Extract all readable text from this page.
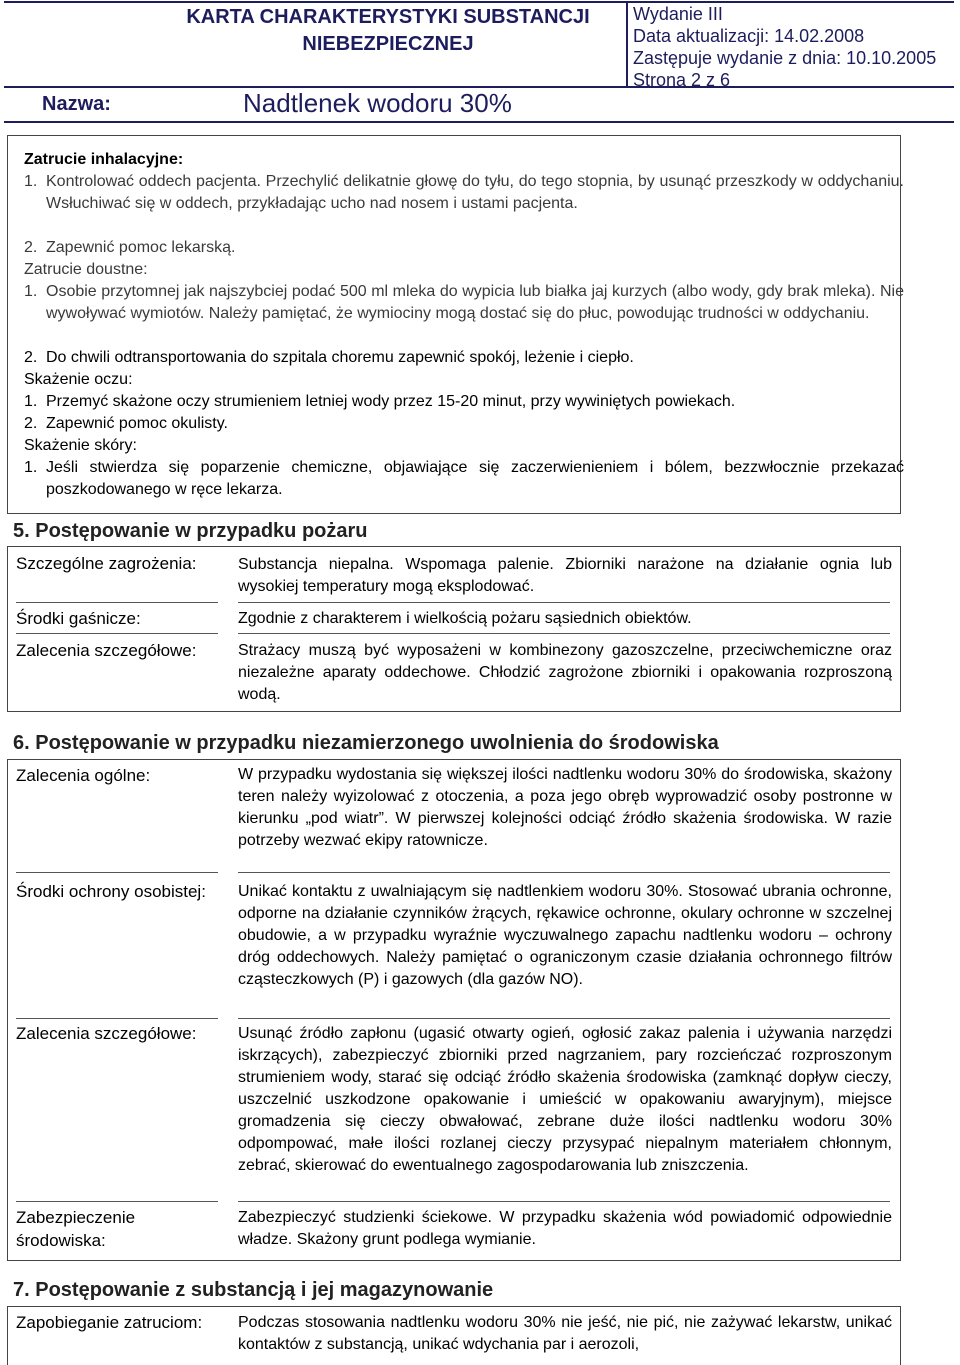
KARTA CHARAKTERYSTYKI SUBSTANCJI NIEBEZPIECZNEJ
Wydanie III
Data aktualizacji: 14.02.2008
Zastępuje wydanie z dnia: 10.10.2005
Strona 2 z 6
Nazwa:	Nadtlenek wodoru 30%
Zatrucie inhalacyjne:
1. Kontrolować oddech pacjenta. Przechylić delikatnie głowę do tyłu, do tego stopnia, by usunąć przeszkody w oddychaniu. Wsłuchiwać się w oddech, przykładając ucho nad nosem i ustami pacjenta.
2. Zapewnić pomoc lekarską.
Zatrucie doustne:
1. Osobie przytomnej jak najszybciej podać 500 ml mleka do wypicia lub białka jaj kurzych (albo wody, gdy brak mleka). Nie wywoływać wymiotów. Należy pamiętać, że wymiociny mogą dostać się do płuc, powodując trudności w oddychaniu.
2. Do chwili odtransportowania do szpitala choremu zapewnić spokój, leżenie i ciepło.
Skażenie oczu:
1. Przemyć skażone oczy strumieniem letniej wody przez 15-20 minut, przy wywiniętych powiekach.
2. Zapewnić pomoc okulisty.
Skażenie skóry:
1. Jeśli stwierdza się poparzenie chemiczne, objawiające się zaczerwienieniem i bólem, bezzwłocznie przekazać poszkodowanego w ręce lekarza.
5. Postępowanie w przypadku pożaru
Szczególne zagrożenia:	Substancja niepalna. Wspomaga palenie. Zbiorniki narażone na działanie ognia lub wysokiej temperatury mogą eksplodować.
Środki gaśnicze:	Zgodnie z charakterem i wielkością pożaru sąsiednich obiektów.
Zalecenia szczegółowe:	Strażacy muszą być wyposażeni w kombinezony gazoszczelne, przeciwchemiczne oraz niezależne aparaty oddechowe. Chłodzić zagrożone zbiorniki i opakowania rozproszoną wodą.
6. Postępowanie w przypadku niezamierzonego uwolnienia do środowiska
Zalecenia ogólne:	W przypadku wydostania się większej ilości nadtlenku wodoru 30% do środowiska, skażony teren należy wyizolować z otoczenia, a poza jego obręb wyprowadzić osoby postronne w kierunku „pod wiatr”. W pierwszej kolejności odciąć źródło skażenia środowiska. W razie potrzeby wezwać ekipy ratownicze.
Środki ochrony osobistej:	Unikać kontaktu z uwalniającym się nadtlenkiem wodoru 30%. Stosować ubrania ochronne, odporne na działanie czynników żrących, rękawice ochronne, okulary ochronne w szczelnej obudowie, a w przypadku wyraźnie wyczuwalnego zapachu nadtlenku wodoru – ochrony dróg oddechowych. Należy pamiętać o ograniczonym czasie działania ochronnego filtrów cząsteczkowych (P) i gazowych (dla gazów NO).
Zalecenia szczegółowe:	Usunąć źródło zapłonu (ugasić otwarty ogień, ogłosić zakaz palenia i używania narzędzi iskrzących), zabezpieczyć zbiorniki przed nagrzaniem, pary rozcieńczać rozproszonym strumieniem wody, starać się odciąć źródło skażenia środowiska (zamknąć dopływ cieczy, uszczelnić uszkodzone opakowanie i umieścić w opakowaniu awaryjnym), miejsce gromadzenia się cieczy obwałować, zebrane duże ilości nadtlenku wodoru 30% odpompować, małe ilości rozlanej cieczy przysypać niepalnym materiałem chłonnym, zebrać, skierować do ewentualnego zagospodarowania lub zniszczenia.
Zabezpieczenie środowiska:
Zabezpieczyć studzienki ściekowe. W przypadku skażenia wód powiadomić odpowiednie władze. Skażony grunt podlega wymianie.
7. Postępowanie z substancją i jej magazynowanie
Zapobieganie zatruciom:	Podczas stosowania nadtlenku wodoru 30% nie jeść, nie pić, nie zażywać lekarstw, unikać kontaktów z substancją, unikać wdychania par i aerozoli,
